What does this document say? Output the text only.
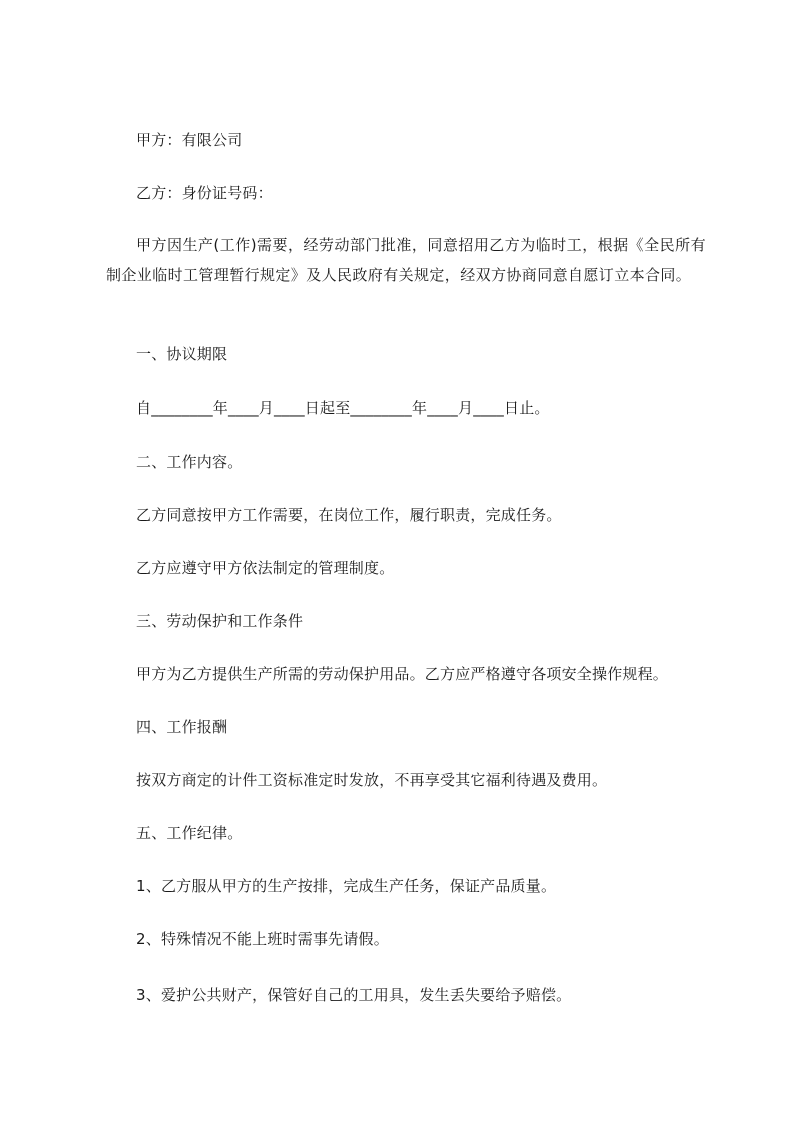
甲方：有限公司
乙方：身份证号码：
甲方因生产(工作)需要，经劳动部门批准，同意招用乙方为临时工，根据《全民所有制企业临时工管理暂行规定》及人民政府有关规定，经双方协商同意自愿订立本合同。
一、协议期限
自________年____月____日起至________年____月____日止。
二、工作内容。
乙方同意按甲方工作需要，在岗位工作，履行职责，完成任务。
乙方应遵守甲方依法制定的管理制度。
三、劳动保护和工作条件
甲方为乙方提供生产所需的劳动保护用品。乙方应严格遵守各项安全操作规程。
四、工作报酬
按双方商定的计件工资标准定时发放，不再享受其它福利待遇及费用。
五、工作纪律。
1、乙方服从甲方的生产按排，完成生产任务，保证产品质量。
2、特殊情况不能上班时需事先请假。
3、爱护公共财产，保管好自己的工用具，发生丢失要给予赔偿。
